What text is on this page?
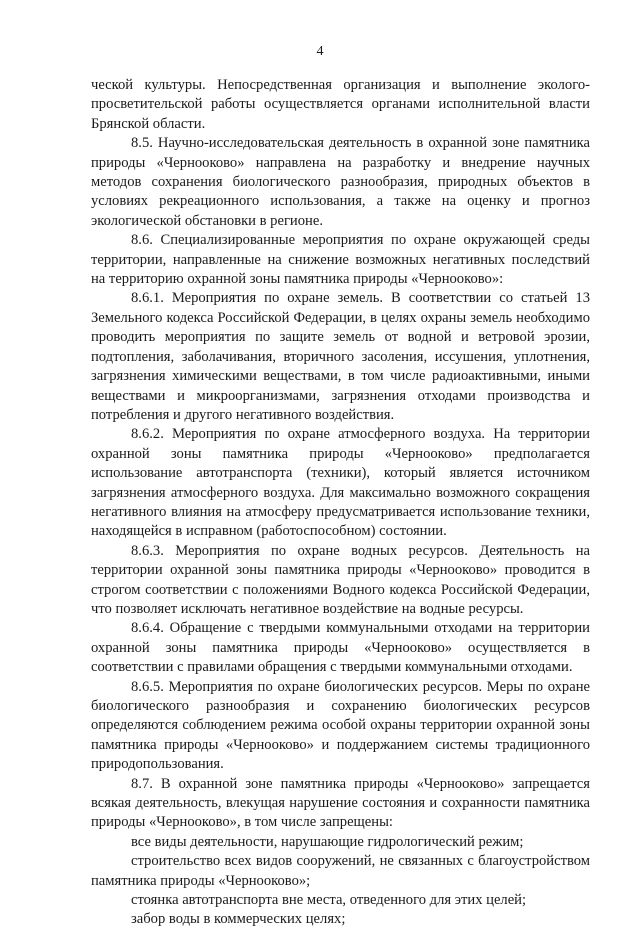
4

ческой культуры. Непосредственная организация и выполнение эколого-просветительской работы осуществляется органами исполнительной власти Брянской области.

8.5. Научно-исследовательская деятельность в охранной зоне памятника природы «Чернооково» направлена на разработку и внедрение научных методов сохранения биологического разнообразия, природных объектов в условиях рекреационного использования, а также на оценку и прогноз экологической обстановки в регионе.

8.6. Специализированные мероприятия по охране окружающей среды территории, направленные на снижение возможных негативных последствий на территорию охранной зоны памятника природы «Чернооково»:

8.6.1. Мероприятия по охране земель. В соответствии со статьей 13 Земельного кодекса Российской Федерации, в целях охраны земель необходимо проводить мероприятия по защите земель от водной и ветровой эрозии, подтопления, заболачивания, вторичного засоления, иссушения, уплотнения, загрязнения химическими веществами, в том числе радиоактивными, иными веществами и микроорганизмами, загрязнения отходами производства и потребления и другого негативного воздействия.

8.6.2. Мероприятия по охране атмосферного воздуха. На территории охранной зоны памятника природы «Чернооково» предполагается использование автотранспорта (техники), который является источником загрязнения атмосферного воздуха. Для максимально возможного сокращения негативного влияния на атмосферу предусматривается использование техники, находящейся в исправном (работоспособном) состоянии.

8.6.3. Мероприятия по охране водных ресурсов. Деятельность на территории охранной зоны памятника природы «Чернооково» проводится в строгом соответствии с положениями Водного кодекса Российской Федерации, что позволяет исключать негативное воздействие на водные ресурсы.

8.6.4. Обращение с твердыми коммунальными отходами на территории охранной зоны памятника природы «Чернооково» осуществляется в соответствии с правилами обращения с твердыми коммунальными отходами.

8.6.5. Мероприятия по охране биологических ресурсов. Меры по охране биологического разнообразия и сохранению биологических ресурсов определяются соблюдением режима особой охраны территории охранной зоны памятника природы «Чернооково» и поддержанием системы традиционного природопользования.

8.7. В охранной зоне памятника природы «Чернооково» запрещается всякая деятельность, влекущая нарушение состояния и сохранности памятника природы «Чернооково», в том числе запрещены:

все виды деятельности, нарушающие гидрологический режим;

строительство всех видов сооружений, не связанных с благоустройством памятника природы «Чернооково»;

стоянка автотранспорта вне места, отведенного для этих целей;

забор воды в коммерческих целях;
